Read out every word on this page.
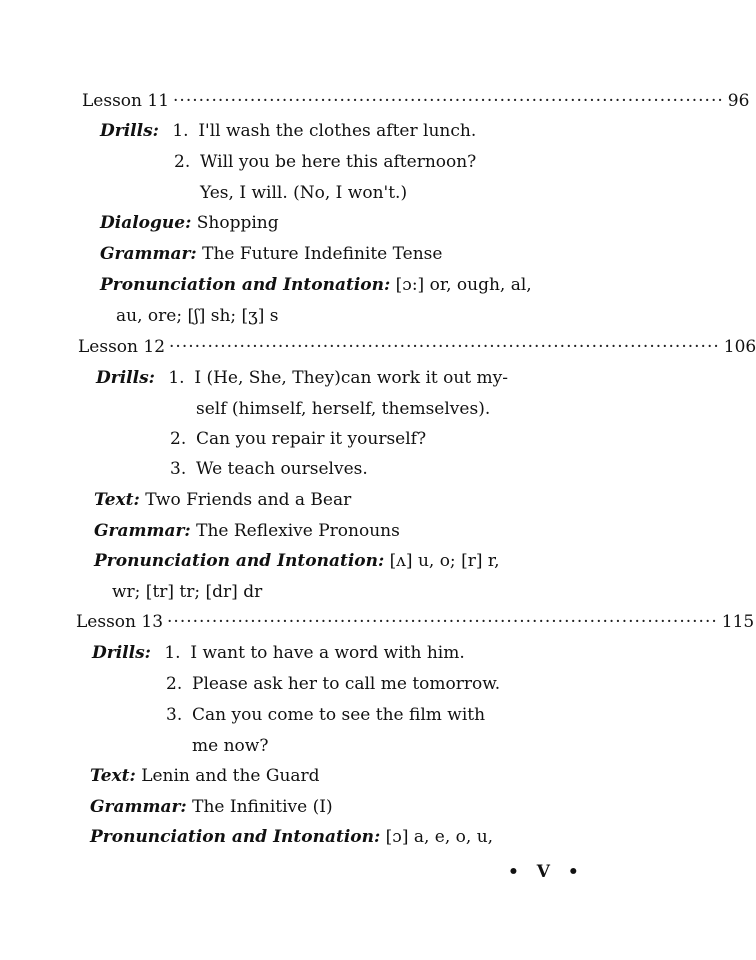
Lesson 11 ······················································································ 96
Drills: 1. I'll wash the clothes after lunch.
2. Will you be here this afternoon?
Yes, I will. (No, I won't.)
Dialogue: Shopping
Grammar: The Future Indefinite Tense
Pronunciation and Intonation: [ɔ:] or, ough, al,
au, ore; [ʃ] sh; [ʒ] s
Lesson 12 ······················································································ 106
Drills: 1. I (He, She, They)can work it out my-
self (himself, herself, themselves).
2. Can you repair it yourself?
3. We teach ourselves.
Text: Two Friends and a Bear
Grammar: The Reflexive Pronouns
Pronunciation and Intonation: [ʌ] u, o; [r] r,
wr; [tr] tr; [dr] dr
Lesson 13 ······················································································ 115
Drills: 1. I want to have a word with him.
2. Please ask her to call me tomorrow.
3. Can you come to see the film with
me now?
Text: Lenin and the Guard
Grammar: The Infinitive (I)
Pronunciation and Intonation: [ɔ] a, e, o, u,
• V •
